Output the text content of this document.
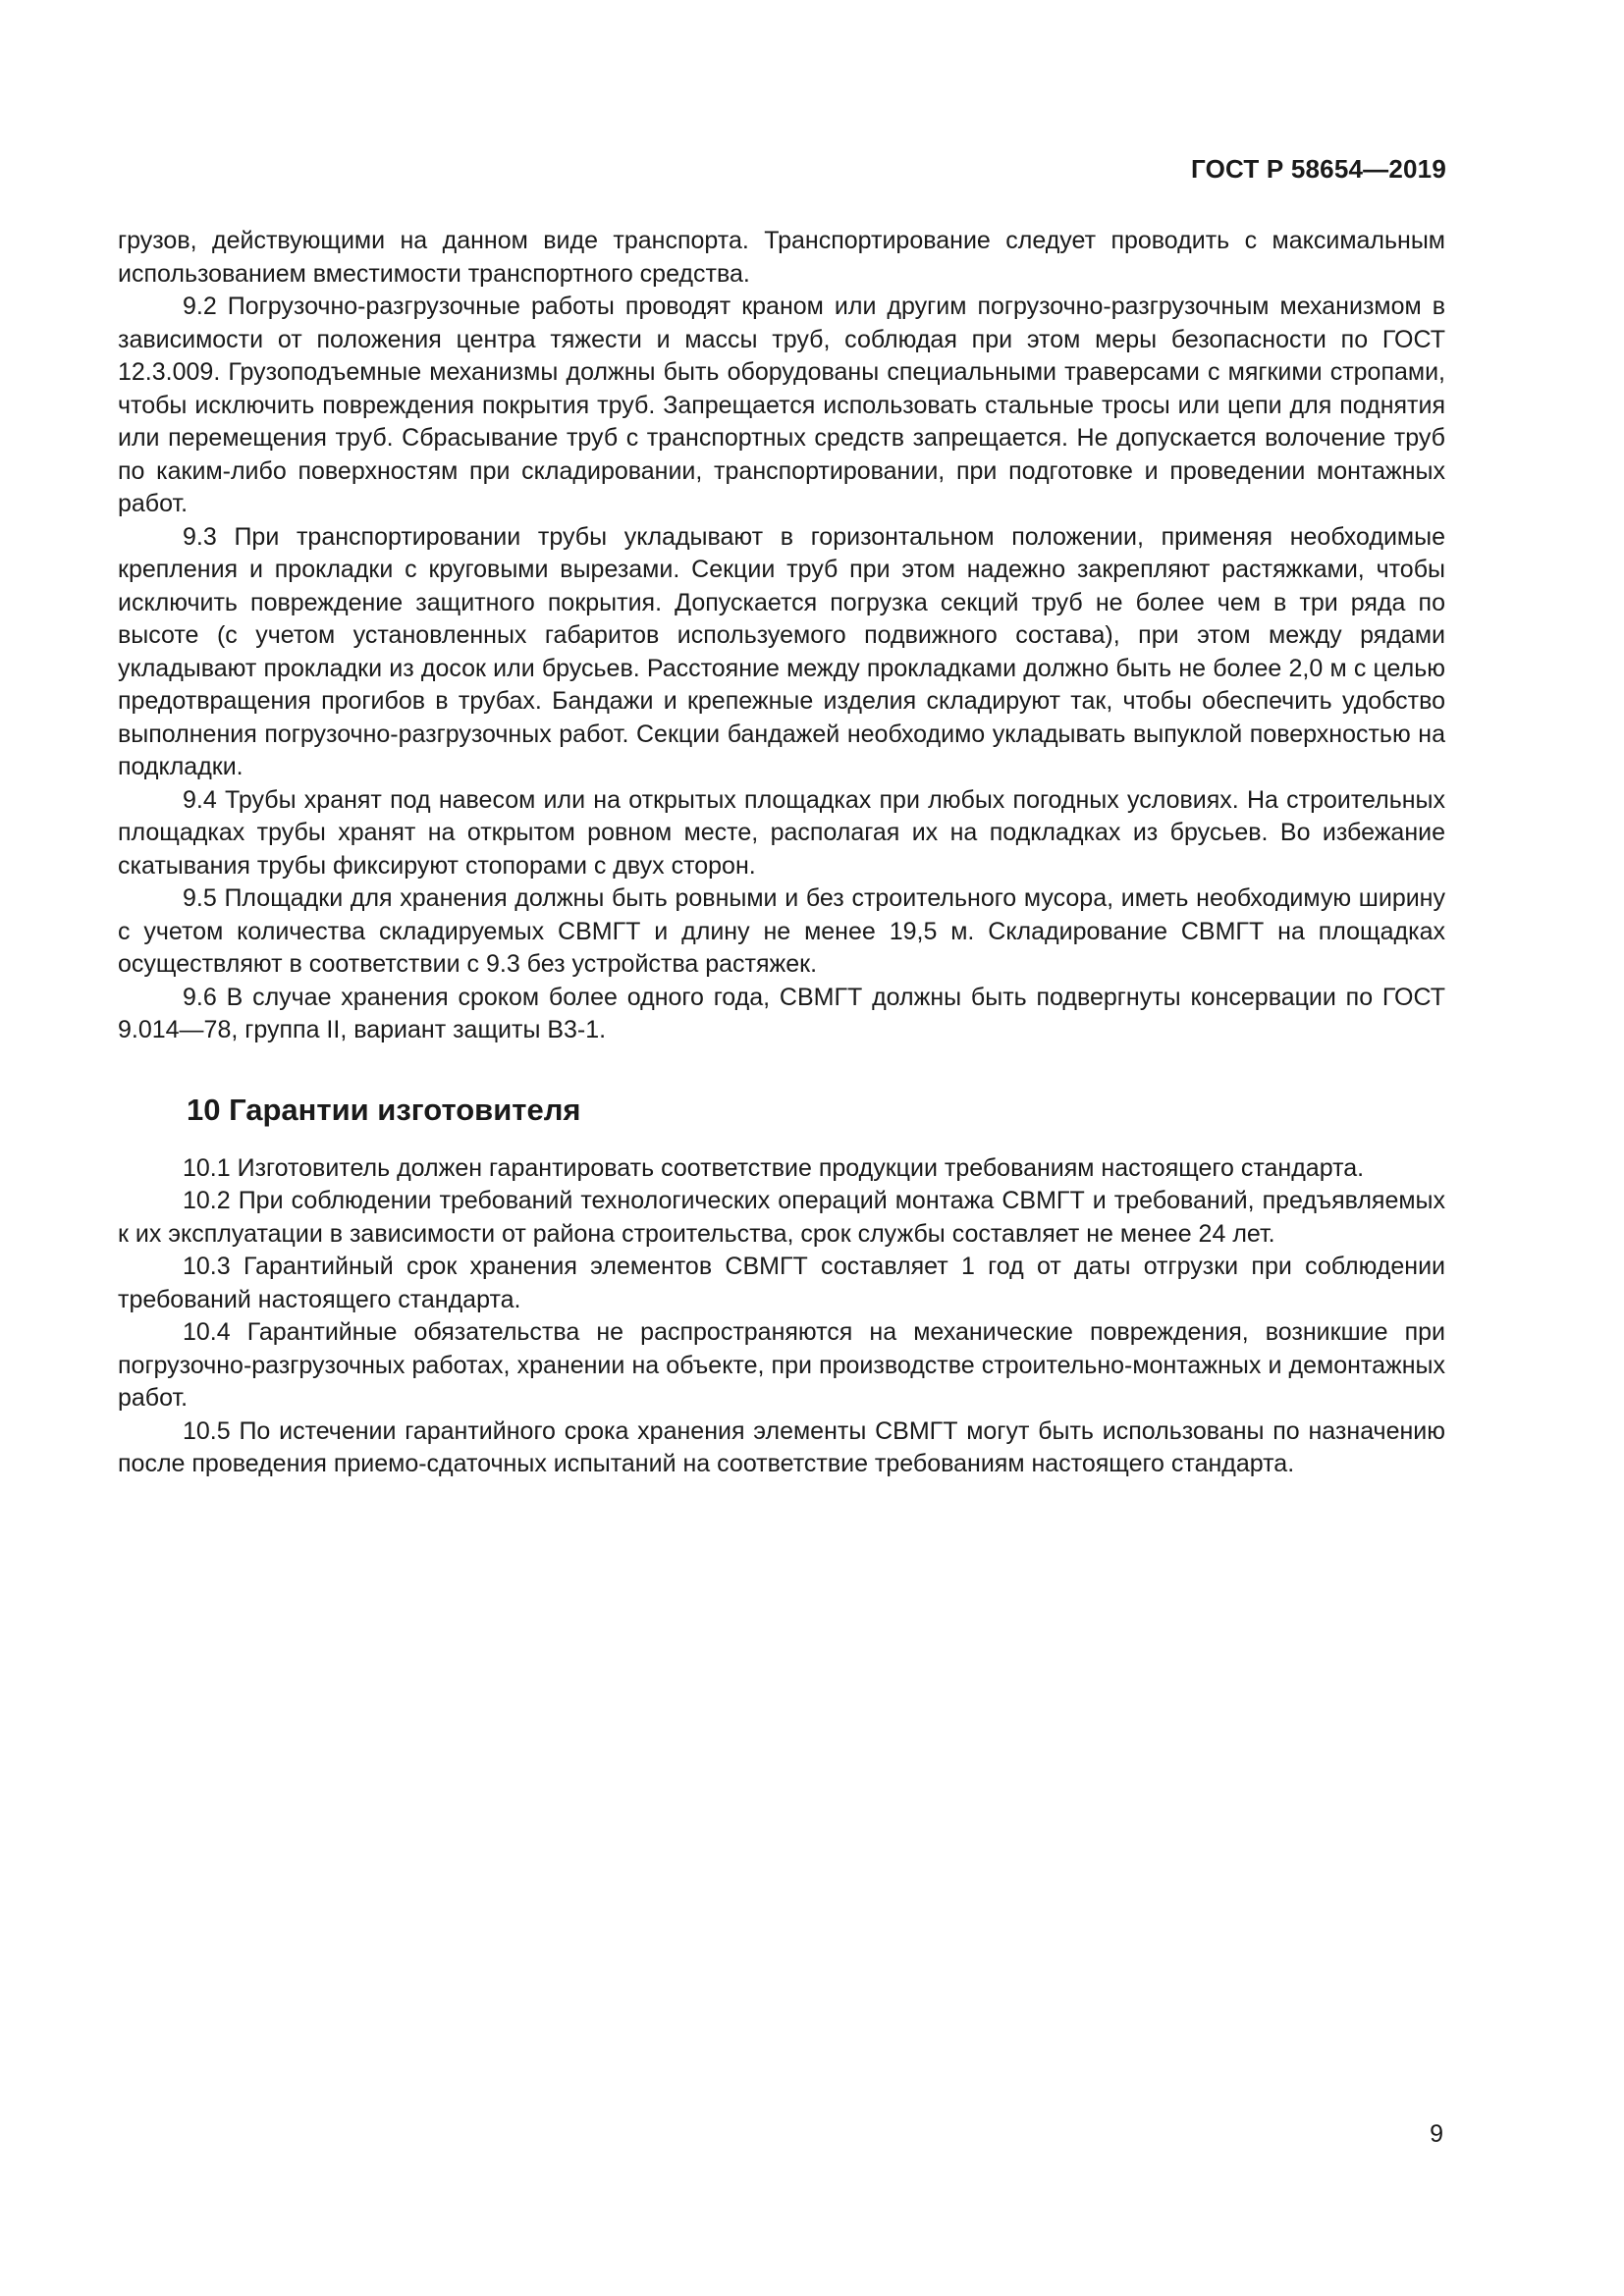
ГОСТ Р 58654—2019

грузов, действующими на данном виде транспорта. Транспортирование следует проводить с максимальным использованием вместимости транспортного средства.

9.2 Погрузочно-разгрузочные работы проводят краном или другим погрузочно-разгрузочным механизмом в зависимости от положения центра тяжести и массы труб, соблюдая при этом меры безопасности по ГОСТ 12.3.009. Грузоподъемные механизмы должны быть оборудованы специальными траверсами с мягкими стропами, чтобы исключить повреждения покрытия труб. Запрещается использовать стальные тросы или цепи для поднятия или перемещения труб. Сбрасывание труб с транспортных средств запрещается. Не допускается волочение труб по каким-либо поверхностям при складировании, транспортировании, при подготовке и проведении монтажных работ.

9.3 При транспортировании трубы укладывают в горизонтальном положении, применяя необходимые крепления и прокладки с круговыми вырезами. Секции труб при этом надежно закрепляют растяжками, чтобы исключить повреждение защитного покрытия. Допускается погрузка секций труб не более чем в три ряда по высоте (с учетом установленных габаритов используемого подвижного состава), при этом между рядами укладывают прокладки из досок или брусьев. Расстояние между прокладками должно быть не более 2,0 м с целью предотвращения прогибов в трубах. Бандажи и крепежные изделия складируют так, чтобы обеспечить удобство выполнения погрузочно-разгрузочных работ. Секции бандажей необходимо укладывать выпуклой поверхностью на подкладки.

9.4 Трубы хранят под навесом или на открытых площадках при любых погодных условиях. На строительных площадках трубы хранят на открытом ровном месте, располагая их на подкладках из брусьев. Во избежание скатывания трубы фиксируют стопорами с двух сторон.

9.5 Площадки для хранения должны быть ровными и без строительного мусора, иметь необходимую ширину с учетом количества складируемых СВМГТ и длину не менее 19,5 м. Складирование СВМГТ на площадках осуществляют в соответствии с 9.3 без устройства растяжек.

9.6 В случае хранения сроком более одного года, СВМГТ должны быть подвергнуты консервации по ГОСТ 9.014—78, группа II, вариант защиты В3-1.

10 Гарантии изготовителя

10.1 Изготовитель должен гарантировать соответствие продукции требованиям настоящего стандарта.

10.2 При соблюдении требований технологических операций монтажа СВМГТ и требований, предъявляемых к их эксплуатации в зависимости от района строительства, срок службы составляет не менее 24 лет.

10.3 Гарантийный срок хранения элементов СВМГТ составляет 1 год от даты отгрузки при соблюдении требований настоящего стандарта.

10.4 Гарантийные обязательства не распространяются на механические повреждения, возникшие при погрузочно-разгрузочных работах, хранении на объекте, при производстве строительно-монтажных и демонтажных работ.

10.5 По истечении гарантийного срока хранения элементы СВМГТ могут быть использованы по назначению после проведения приемо-сдаточных испытаний на соответствие требованиям настоящего стандарта.

9
